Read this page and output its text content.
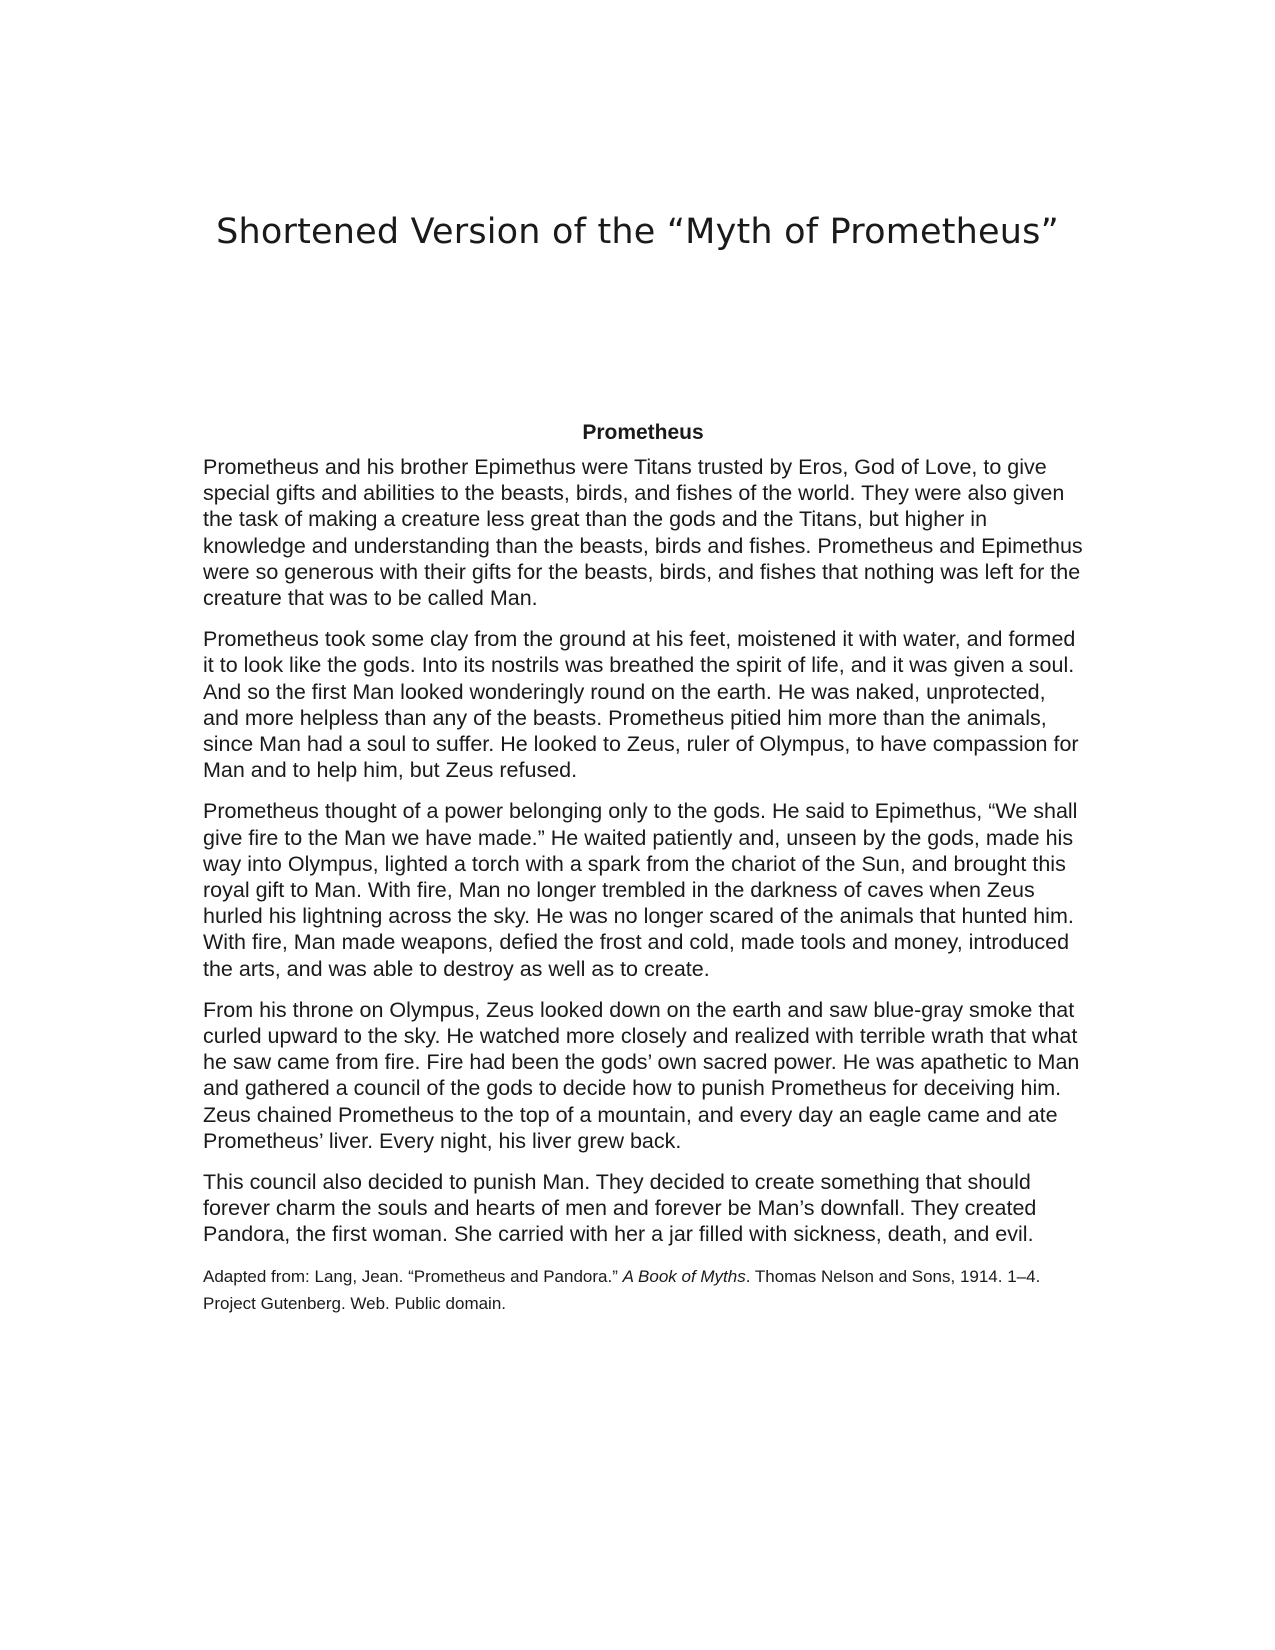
Shortened Version of the “Myth of Prometheus”
Prometheus

Prometheus and his brother Epimethus were Titans trusted by Eros, God of Love, to give special gifts and abilities to the beasts, birds, and fishes of the world. They were also given the task of making a creature less great than the gods and the Titans, but higher in knowledge and understanding than the beasts, birds and fishes. Prometheus and Epimethus were so generous with their gifts for the beasts, birds, and fishes that nothing was left for the creature that was to be called Man.

Prometheus took some clay from the ground at his feet, moistened it with water, and formed it to look like the gods. Into its nostrils was breathed the spirit of life, and it was given a soul. And so the first Man looked wonderingly round on the earth. He was naked, unprotected, and more helpless than any of the beasts. Prometheus pitied him more than the animals, since Man had a soul to suffer. He looked to Zeus, ruler of Olympus, to have compassion for Man and to help him, but Zeus refused.

Prometheus thought of a power belonging only to the gods. He said to Epimethus, “We shall give fire to the Man we have made.” He waited patiently and, unseen by the gods, made his way into Olympus, lighted a torch with a spark from the chariot of the Sun, and brought this royal gift to Man. With fire, Man no longer trembled in the darkness of caves when Zeus hurled his lightning across the sky. He was no longer scared of the animals that hunted him. With fire, Man made weapons, defied the frost and cold, made tools and money, introduced the arts, and was able to destroy as well as to create.

From his throne on Olympus, Zeus looked down on the earth and saw blue-gray smoke that curled upward to the sky. He watched more closely and realized with terrible wrath that what he saw came from fire. Fire had been the gods’ own sacred power. He was apathetic to Man and gathered a council of the gods to decide how to punish Prometheus for deceiving him. Zeus chained Prometheus to the top of a mountain, and every day an eagle came and ate Prometheus’ liver. Every night, his liver grew back.

This council also decided to punish Man. They decided to create something that should forever charm the souls and hearts of men and forever be Man’s downfall. They created Pandora, the first woman. She carried with her a jar filled with sickness, death, and evil.

Adapted from: Lang, Jean. “Prometheus and Pandora.” A Book of Myths. Thomas Nelson and Sons, 1914. 1–4. Project Gutenberg. Web. Public domain.
